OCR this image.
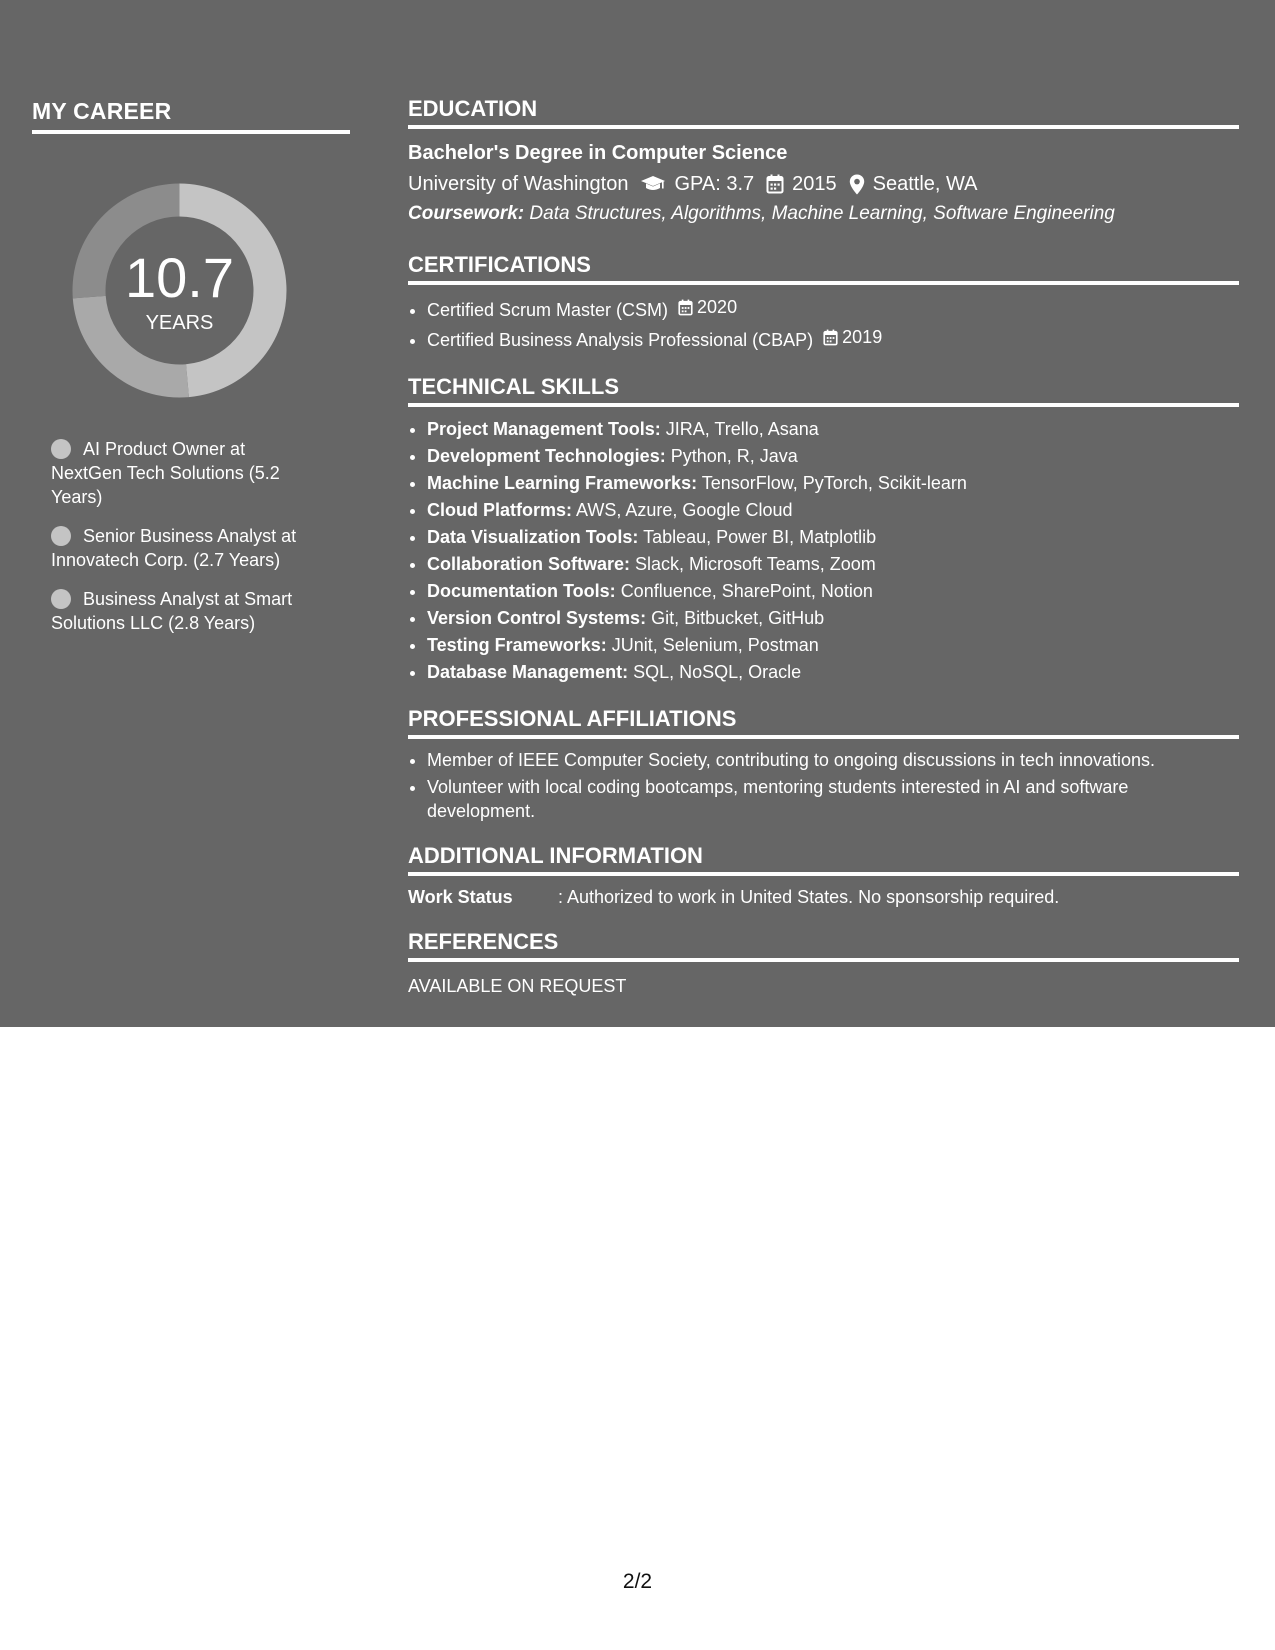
MY CAREER
10.7
YEARS
AI Product Owner at NextGen Tech Solutions (5.2 Years)
Senior Business Analyst at Innovatech Corp. (2.7 Years)
Business Analyst at Smart Solutions LLC (2.8 Years)
EDUCATION
Bachelor's Degree in Computer Science
University of Washington GPA: 3.7 2015 Seattle, WA
Coursework: Data Structures, Algorithms, Machine Learning, Software Engineering
CERTIFICATIONS
• Certified Scrum Master (CSM) 2020
• Certified Business Analysis Professional (CBAP) 2019
TECHNICAL SKILLS
• Project Management Tools: JIRA, Trello, Asana
• Development Technologies: Python, R, Java
• Machine Learning Frameworks: TensorFlow, PyTorch, Scikit-learn
• Cloud Platforms: AWS, Azure, Google Cloud
• Data Visualization Tools: Tableau, Power BI, Matplotlib
• Collaboration Software: Slack, Microsoft Teams, Zoom
• Documentation Tools: Confluence, SharePoint, Notion
• Version Control Systems: Git, Bitbucket, GitHub
• Testing Frameworks: JUnit, Selenium, Postman
• Database Management: SQL, NoSQL, Oracle
PROFESSIONAL AFFILIATIONS
• Member of IEEE Computer Society, contributing to ongoing discussions in tech innovations.
• Volunteer with local coding bootcamps, mentoring students interested in AI and software development.
ADDITIONAL INFORMATION
Work Status	: Authorized to work in United States. No sponsorship required.
REFERENCES
AVAILABLE ON REQUEST
2/2
